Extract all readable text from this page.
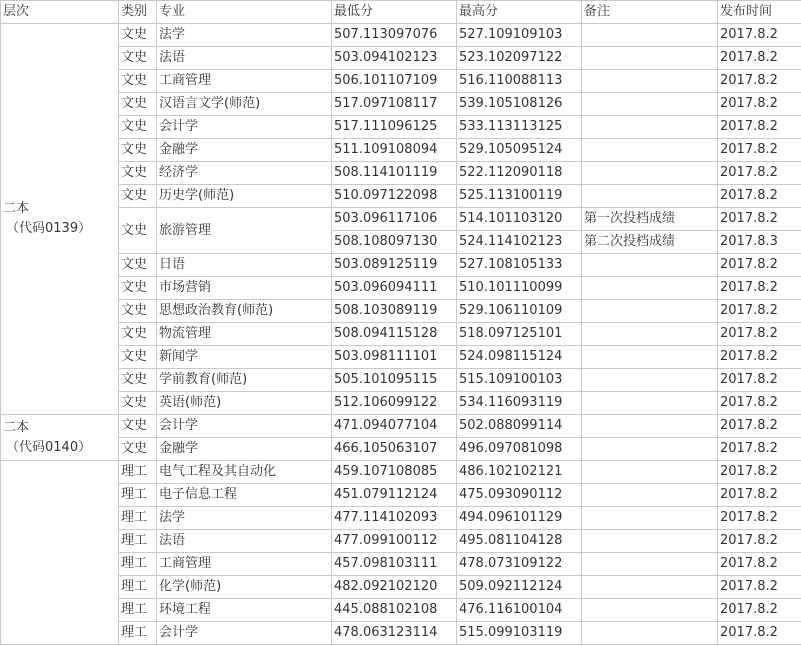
层次	类别	专业	最低分	最高分	备注	发布时间

二本
（代码0139）	文史	法学	507.113097076	527.109109103		2017.8.2
	文史	法语	503.094102123	523.102097122		2017.8.2
	文史	工商管理	506.101107109	516.110088113		2017.8.2
	文史	汉语言文学(师范)	517.097108117	539.105108126		2017.8.2
	文史	会计学	517.111096125	533.113113125		2017.8.2
	文史	金融学	511.109108094	529.105095124		2017.8.2
	文史	经济学	508.114101119	522.112090118		2017.8.2
	文史	历史学(师范)	510.097122098	525.113100119		2017.8.2
	文史	旅游管理	503.096117106	514.101103120	第一次投档成绩	2017.8.2
			508.108097130	524.114102123	第二次投档成绩	2017.8.3
	文史	日语	503.089125119	527.108105133		2017.8.2
	文史	市场营销	503.096094111	510.101110099		2017.8.2
	文史	思想政治教育(师范)	508.103089119	529.106110109		2017.8.2
	文史	物流管理	508.094115128	518.097125101		2017.8.2
	文史	新闻学	503.098111101	524.098115124		2017.8.2
	文史	学前教育(师范)	505.101095115	515.109100103		2017.8.2
	文史	英语(师范)	512.106099122	534.116093119		2017.8.2

二本
（代码0140）	文史	会计学	471.094077104	502.088099114		2017.8.2
	文史	金融学	466.105063107	496.097081098		2017.8.2

	理工	电气工程及其自动化	459.107108085	486.102102121		2017.8.2
	理工	电子信息工程	451.079112124	475.093090112		2017.8.2
	理工	法学	477.114102093	494.096101129		2017.8.2
	理工	法语	477.099100112	495.081104128		2017.8.2
	理工	工商管理	457.098103111	478.073109122		2017.8.2
	理工	化学(师范)	482.092102120	509.092112124		2017.8.2
	理工	环境工程	445.088102108	476.116100104		2017.8.2
	理工	会计学	478.063123114	515.099103119		2017.8.2
